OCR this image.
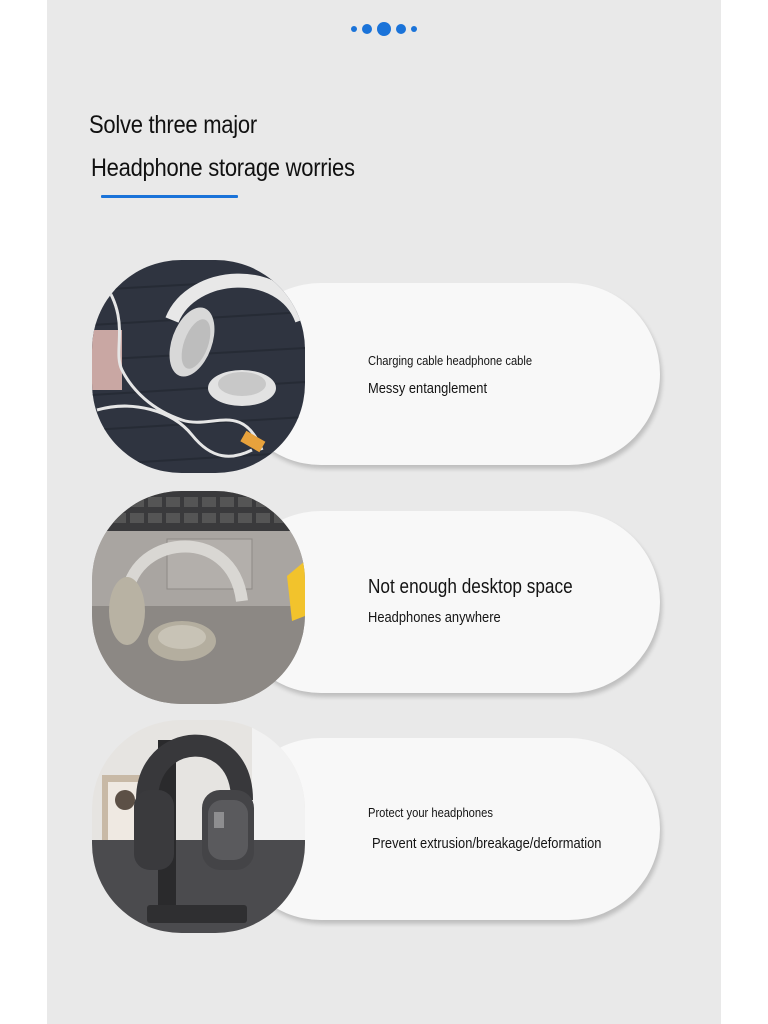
Solve three major
Headphone storage worries
Charging cable headphone cable
Messy entanglement
Not enough desktop space
Headphones anywhere
Protect your headphones
Prevent extrusion/breakage/deformation
